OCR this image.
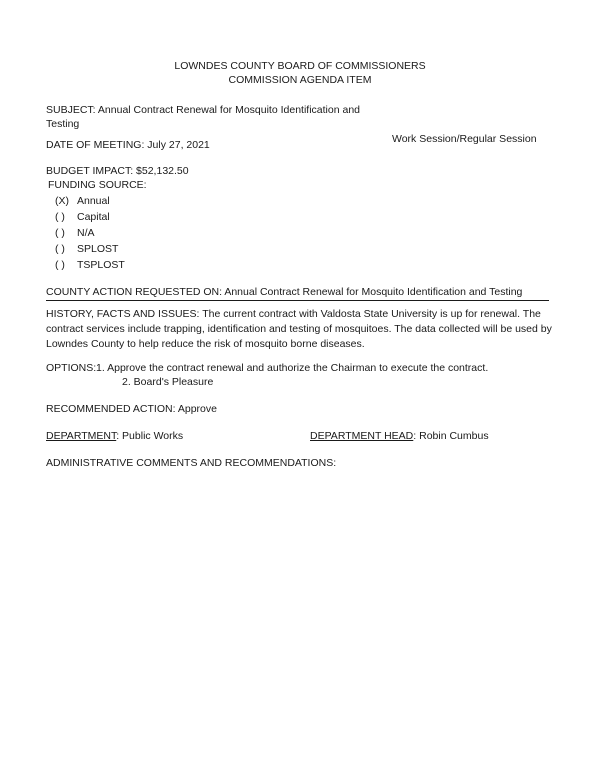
LOWNDES COUNTY BOARD OF COMMISSIONERS
COMMISSION AGENDA ITEM
SUBJECT: Annual Contract Renewal for Mosquito Identification and Testing
DATE OF MEETING: July 27, 2021	Work Session/Regular Session
BUDGET IMPACT: $52,132.50
FUNDING SOURCE:
(X) Annual
( ) Capital
( ) N/A
( ) SPLOST
( ) TSPLOST
COUNTY ACTION REQUESTED ON: Annual Contract Renewal for Mosquito Identification and Testing
HISTORY, FACTS AND ISSUES: The current contract with Valdosta State University is up for renewal. The contract services include trapping, identification and testing of mosquitoes. The data collected will be used by Lowndes County to help reduce the risk of mosquito borne diseases.
OPTIONS: 1. Approve the contract renewal and authorize the Chairman to execute the contract.
2. Board's Pleasure
RECOMMENDED ACTION: Approve
DEPARTMENT: Public Works	DEPARTMENT HEAD: Robin Cumbus
ADMINISTRATIVE COMMENTS AND RECOMMENDATIONS:
